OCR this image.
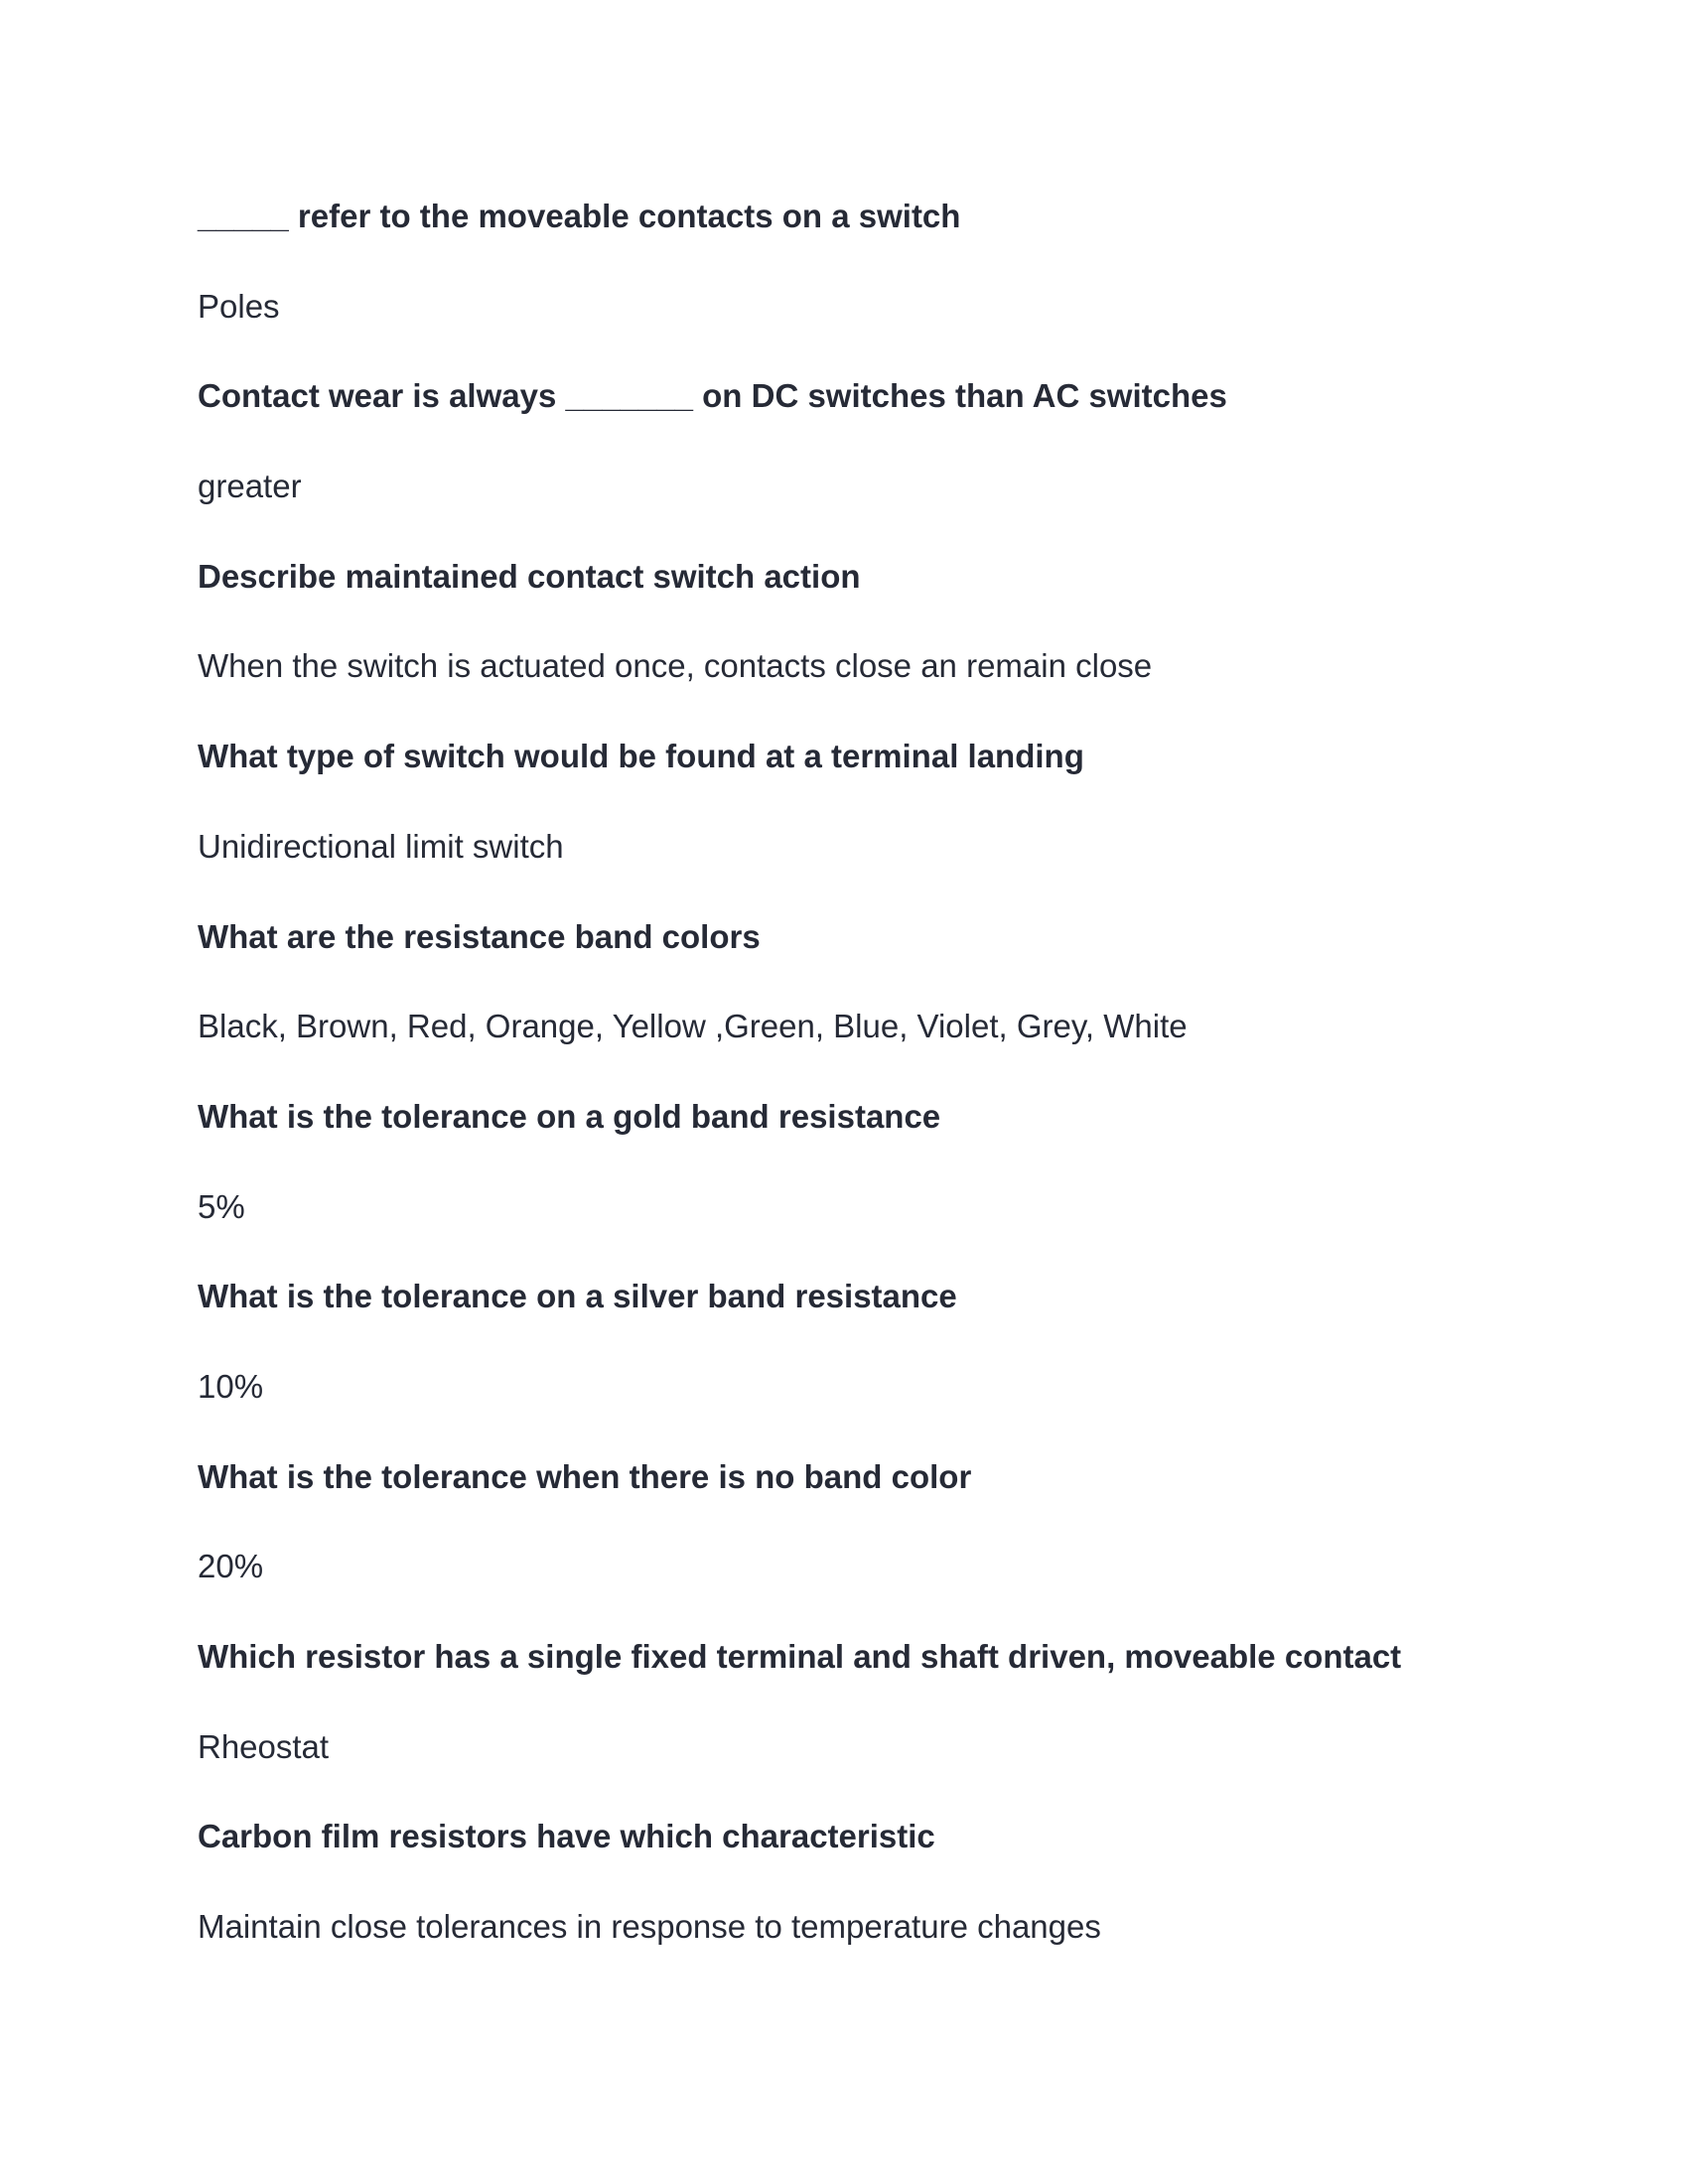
_____ refer to the moveable contacts on a switch

Poles

Contact wear is always _______ on DC switches than AC switches

greater

Describe maintained contact switch action

When the switch is actuated once, contacts close an remain close

What type of switch would be found at a terminal landing

Unidirectional limit switch

What are the resistance band colors

Black, Brown, Red, Orange, Yellow ,Green, Blue, Violet, Grey, White

What is the tolerance on a gold band resistance

5%

What is the tolerance on a silver band resistance

10%

What is the tolerance when there is no band color

20%

Which resistor has a single fixed terminal and shaft driven, moveable contact

Rheostat

Carbon film resistors have which characteristic

Maintain close tolerances in response to temperature changes
